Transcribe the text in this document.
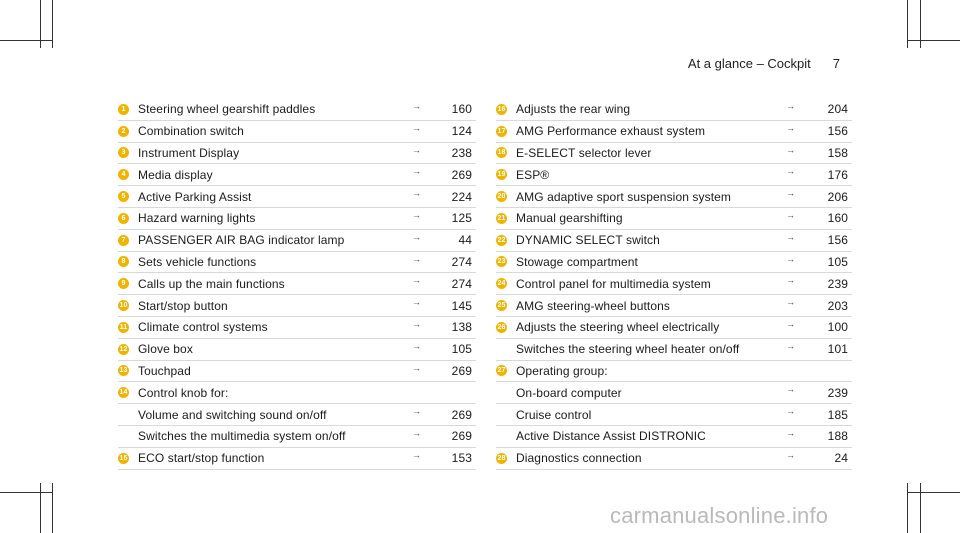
At a glance – Cockpit 7
1 Steering wheel gearshift paddles	→	160
2 Combination switch	→	124
3 Instrument Display	→	238
4 Media display	→	269
5 Active Parking Assist	→	224
6 Hazard warning lights	→	125
7 PASSENGER AIR BAG indicator lamp	→	44
8 Sets vehicle functions	→	274
9 Calls up the main functions	→	274
10 Start/stop button	→	145
11 Climate control systems	→	138
12 Glove box	→	105
13 Touchpad	→	269
14 Control knob for:
Volume and switching sound on/off	→	269
Switches the multimedia system on/off	→	269
15 ECO start/stop function	→	153
16 Adjusts the rear wing	→	204
17 AMG Performance exhaust system	→	156
18 E-SELECT selector lever	→	158
19 ESP®	→	176
20 AMG adaptive sport suspension system	→	206
21 Manual gearshifting	→	160
22 DYNAMIC SELECT switch	→	156
23 Stowage compartment	→	105
24 Control panel for multimedia system	→	239
25 AMG steering-wheel buttons	→	203
26 Adjusts the steering wheel electrically	→	100
Switches the steering wheel heater on/off	→	101
27 Operating group:
On-board computer	→	239
Cruise control	→	185
Active Distance Assist DISTRONIC	→	188
28 Diagnostics connection	→	24
carmanualsonline.info
